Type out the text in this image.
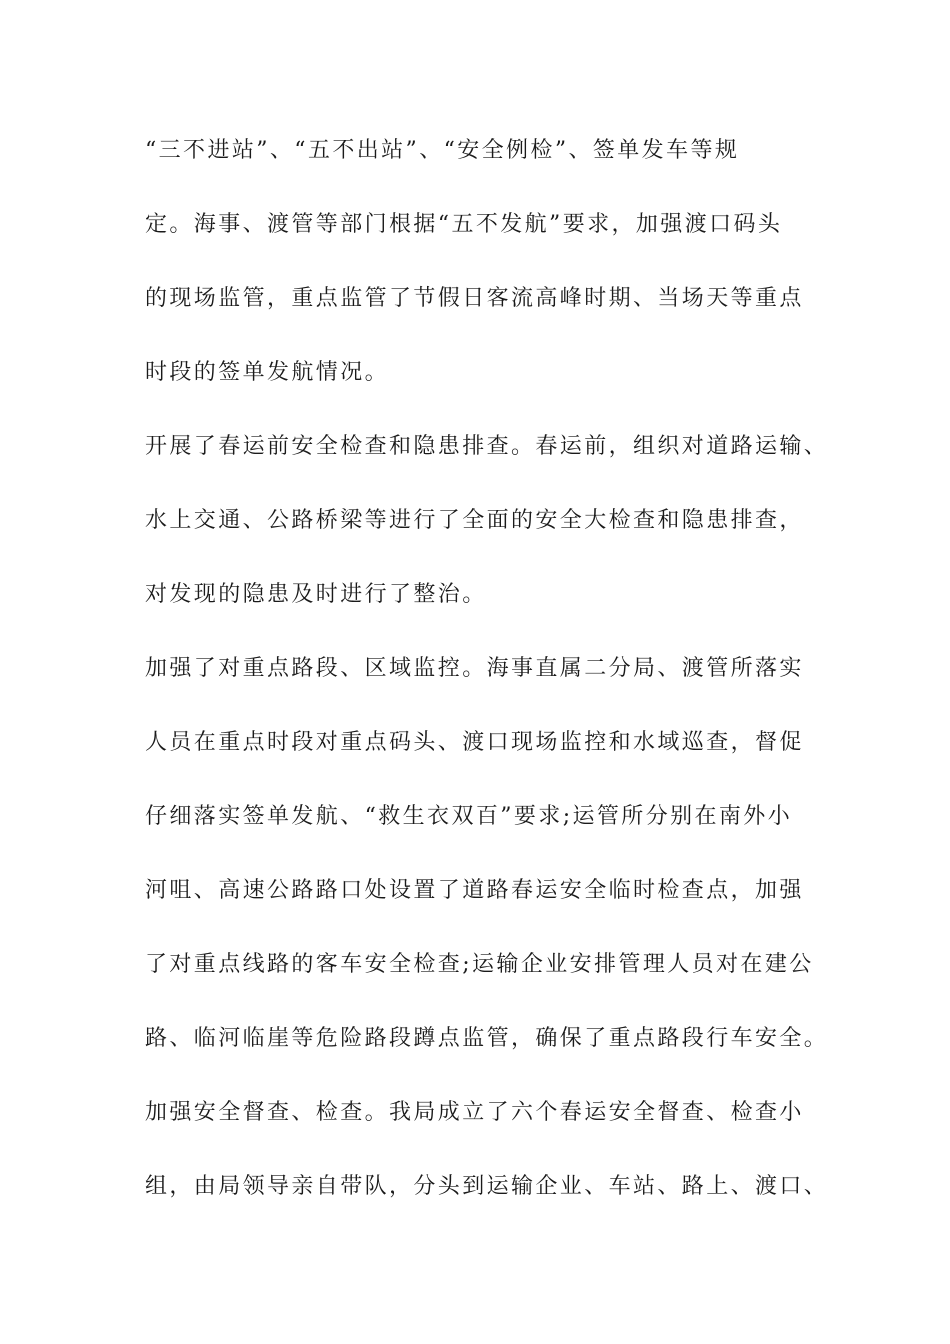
“三不进站”、“五不出站”、“安全例检”、签单发车等规
定。海事、渡管等部门根据“五不发航”要求，加强渡口码头
的现场监管，重点监管了节假日客流高峰时期、当场天等重点
时段的签单发航情况。
开展了春运前安全检查和隐患排查。春运前，组织对道路运输、
水上交通、公路桥梁等进行了全面的安全大检查和隐患排查，
对发现的隐患及时进行了整治。
加强了对重点路段、区域监控。海事直属二分局、渡管所落实
人员在重点时段对重点码头、渡口现场监控和水域巡查，督促
仔细落实签单发航、“救生衣双百”要求;运管所分别在南外小
河咀、高速公路路口处设置了道路春运安全临时检查点，加强
了对重点线路的客车安全检查;运输企业安排管理人员对在建公
路、临河临崖等危险路段蹲点监管，确保了重点路段行车安全。
加强安全督查、检查。我局成立了六个春运安全督查、检查小
组，由局领导亲自带队，分头到运输企业、车站、路上、渡口、
